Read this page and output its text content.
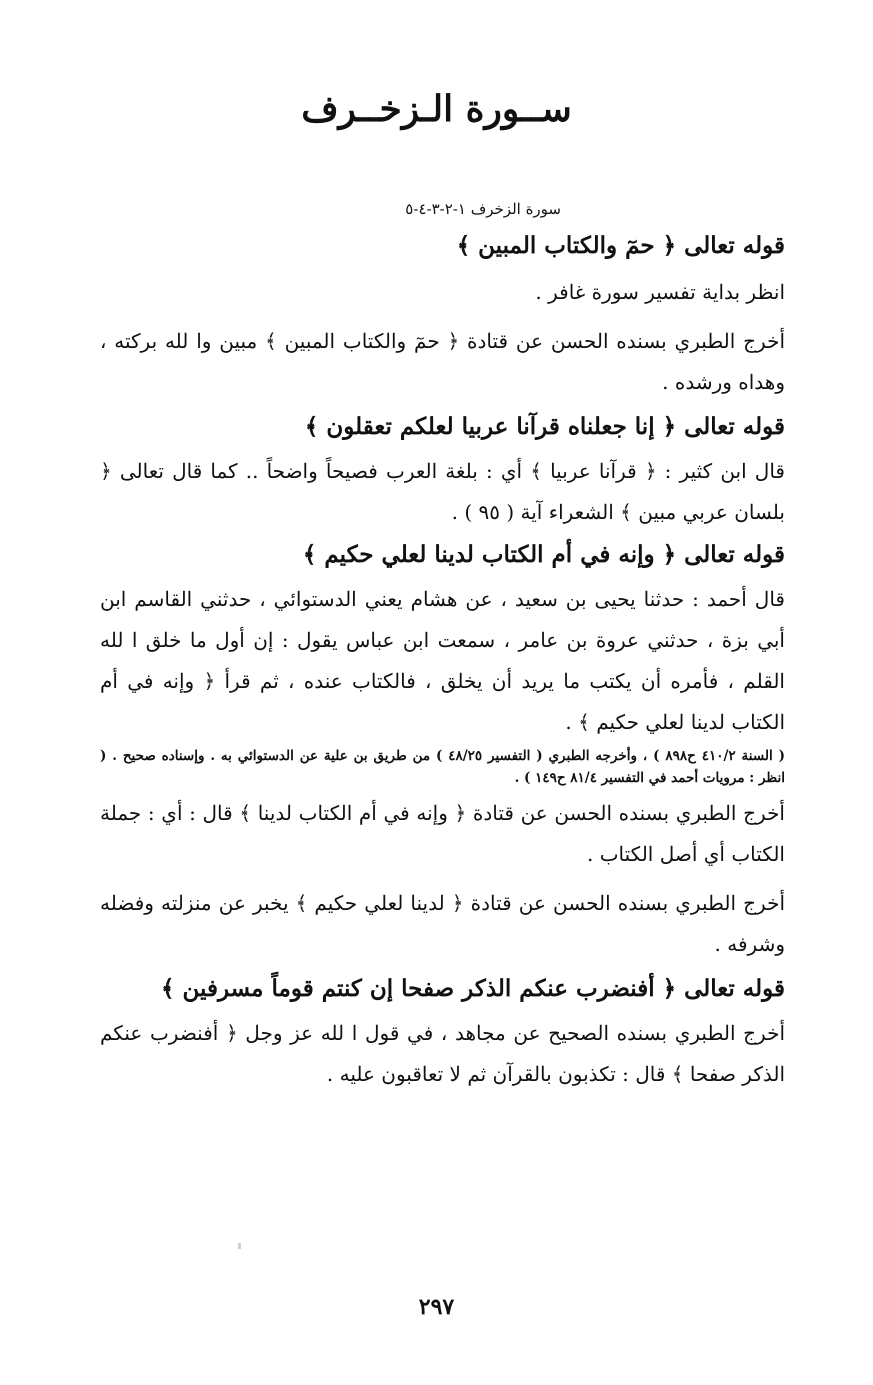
ســورة الـزخــرف
سورة الزخرف ١-٢-٣-٤-٥

قوله تعالى ﴿ حمٓ والكتاب المبين ﴾

انظر بداية تفسير سورة غافر .

أخرج الطبري بسنده الحسن عن قتادة ﴿ حمٓ والكتاب المبين ﴾ مبين وا لله بركته ، وهداه ورشده .

قوله تعالى ﴿ إنا جعلناه قرآنا عربيا لعلكم تعقلون ﴾

قال ابن كثير : ﴿ قرآنا عربيا ﴾ أي : بلغة العرب فصيحاً واضحاً .. كما قال تعالى ﴿ بلسان عربي مبين ﴾ الشعراء آية ( ٩٥ ) .

قوله تعالى ﴿ وإنه في أم الكتاب لدينا لعلي حكيم ﴾

قال أحمد : حدثنا يحيى بن سعيد ، عن هشام يعني الدستوائي ، حدثني القاسم ابن أبي بزة ، حدثني عروة بن عامر ، سمعت ابن عباس يقول : إن أول ما خلق ا لله القلم ، فأمره أن يكتب ما يريد أن يخلق ، فالكتاب عنده ، ثم قرأ ﴿ وإنه في أم الكتاب لدينا لعلي حكيم ﴾ .

( السنة ٤١٠/٢ ح٨٩٨ ) ، وأخرجه الطبري ( التفسير ٤٨/٢٥ ) من طريق بن علية عن الدستوائي به . وإسناده صحيح . ( انظر : مرويات أحمد في التفسير ٨١/٤ ح١٤٩ ) .

أخرج الطبري بسنده الحسن عن قتادة ﴿ وإنه في أم الكتاب لدينا ﴾ قال : أي : جملة الكتاب أي أصل الكتاب .

أخرج الطبري بسنده الحسن عن قتادة ﴿ لدينا لعلي حكيم ﴾ يخبر عن منزلته وفضله وشرفه .

قوله تعالى ﴿ أفنضرب عنكم الذكر صفحا إن كنتم قوماً مسرفين ﴾

أخرج الطبري بسنده الصحيح عن مجاهد ، في قول ا لله عز وجل ﴿ أفنضرب عنكم الذكر صفحا ﴾ قال : تكذبون بالقرآن ثم لا تعاقبون عليه .

٢٩٧
